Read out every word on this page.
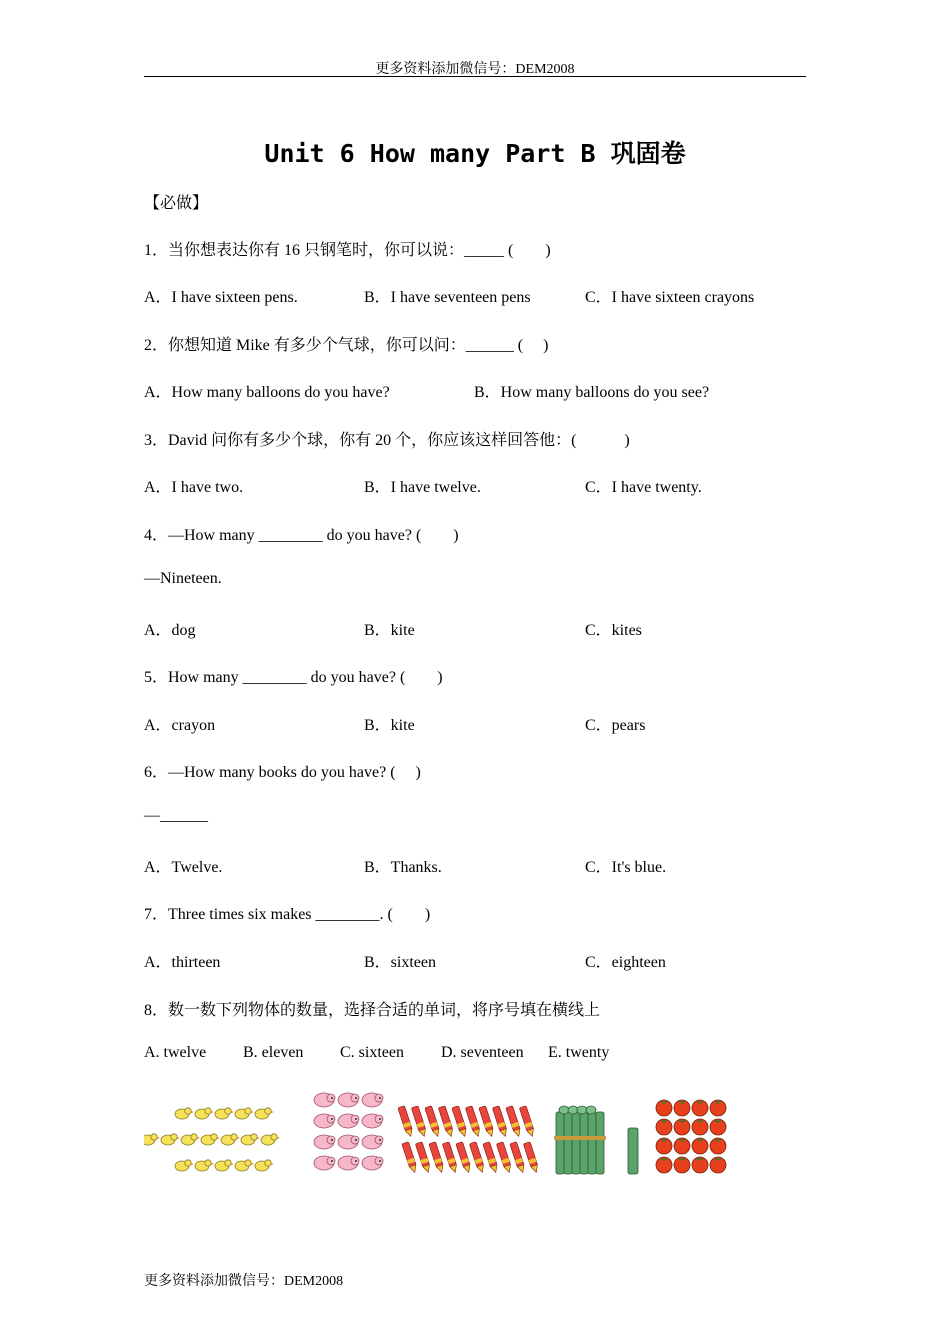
更多资料添加微信号：DEM2008
Unit 6 How many Part B 巩固卷
【必做】
1．当你想表达你有 16 只钢笔时，你可以说：_____ (　　)
A．I have sixteen pens.	B．I have seventeen pens	C．I have sixteen crayons
2．你想知道 Mike 有多少个气球，你可以问：______ (　 )
A．How many balloons do you have?	B．How many balloons do you see?
3．David 问你有多少个球，你有 20 个，你应该这样回答他：(　　　)
A．I have two.	B．I have twelve.	C．I have twenty.
4．—How many ________ do you have? (　　)
—Nineteen.
A．dog	B．kite	C．kites
5．How many ________ do you have? (　　)
A．crayon	B．kite	C．pears
6．—How many books do you have? (　 )
—______
A．Twelve.	B．Thanks.	C．It's blue.
7．Three times six makes ________. (　　)
A．thirteen	B．sixteen	C．eighteen
8．数一数下列物体的数量，选择合适的单词，将序号填在横线上
A. twelve B. eleven C. sixteen D. seventeen E. twenty
更多资料添加微信号：DEM2008
